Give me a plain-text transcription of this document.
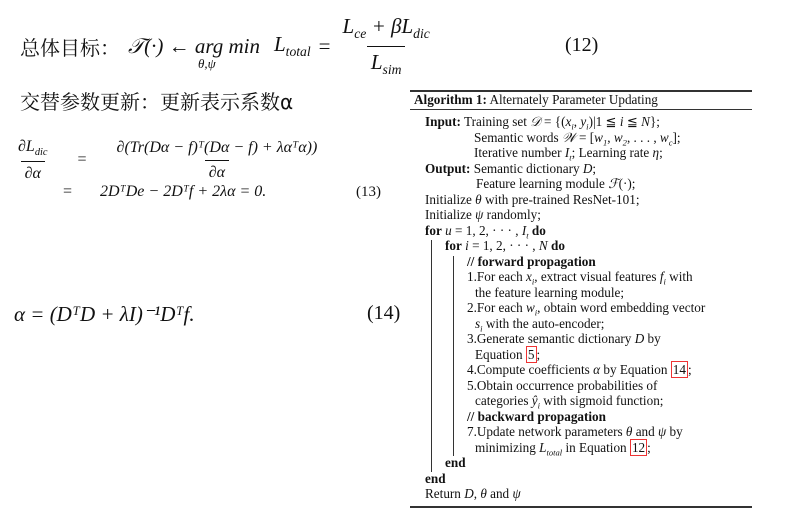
总体目标： 𝒯(·) ← arg min
θ,ψ
$L_{total} = \frac{L_{ce} + \beta L_{dic}}{L_{sim}}$	(12)
交替参数更新：更新表示系数α
$\frac{\partial L_{dic}}{\partial\alpha} = \frac{\text{∂(Tr(Dα − f)ᵀ(Dα − f) + λαᵀα))}}{\partial\alpha}$
= 2DᵀDe − 2Dᵀf + 2λα = 0.	(13)
α = (DᵀD + λI)⁻¹Dᵀf.	(14)
Algorithm 1: Alternately Parameter Updating
Input: Training set 𝒟 = {($x_i$, $y_i)|1$ ≦ i ≦ N};
Semantic words 𝒲 = [$w_1$, $w_2$, . . . , $w_c$];
Iterative number $I_t$; Learning rate η;
Output: Semantic dictionary D;
Feature learning module ℱ(·);
Initialize θ with pre-trained ResNet-101;
Initialize ψ randomly;
for u = 1, 2, · · · , $I_t$ do
for i = 1, 2, · · · , N do
// forward propagation
1.For each $x_i$, extract visual features $f_i$ with
the feature learning module;
2.For each $w_i$, obtain word embedding vector
$s_i$ with the auto-encoder;
3.Generate semantic dictionary D by
Equation 5 ;
4.Compute coefficients α by Equation 14 ;
5.Obtain occurrence probabilities of
categories $ŷ_i$ with sigmoid function;
// backward propagation
7.Update network parameters θ and ψ by
minimizing $L_{total}$ in Equation 12 ;
end
end
Return D, θ and ψ
